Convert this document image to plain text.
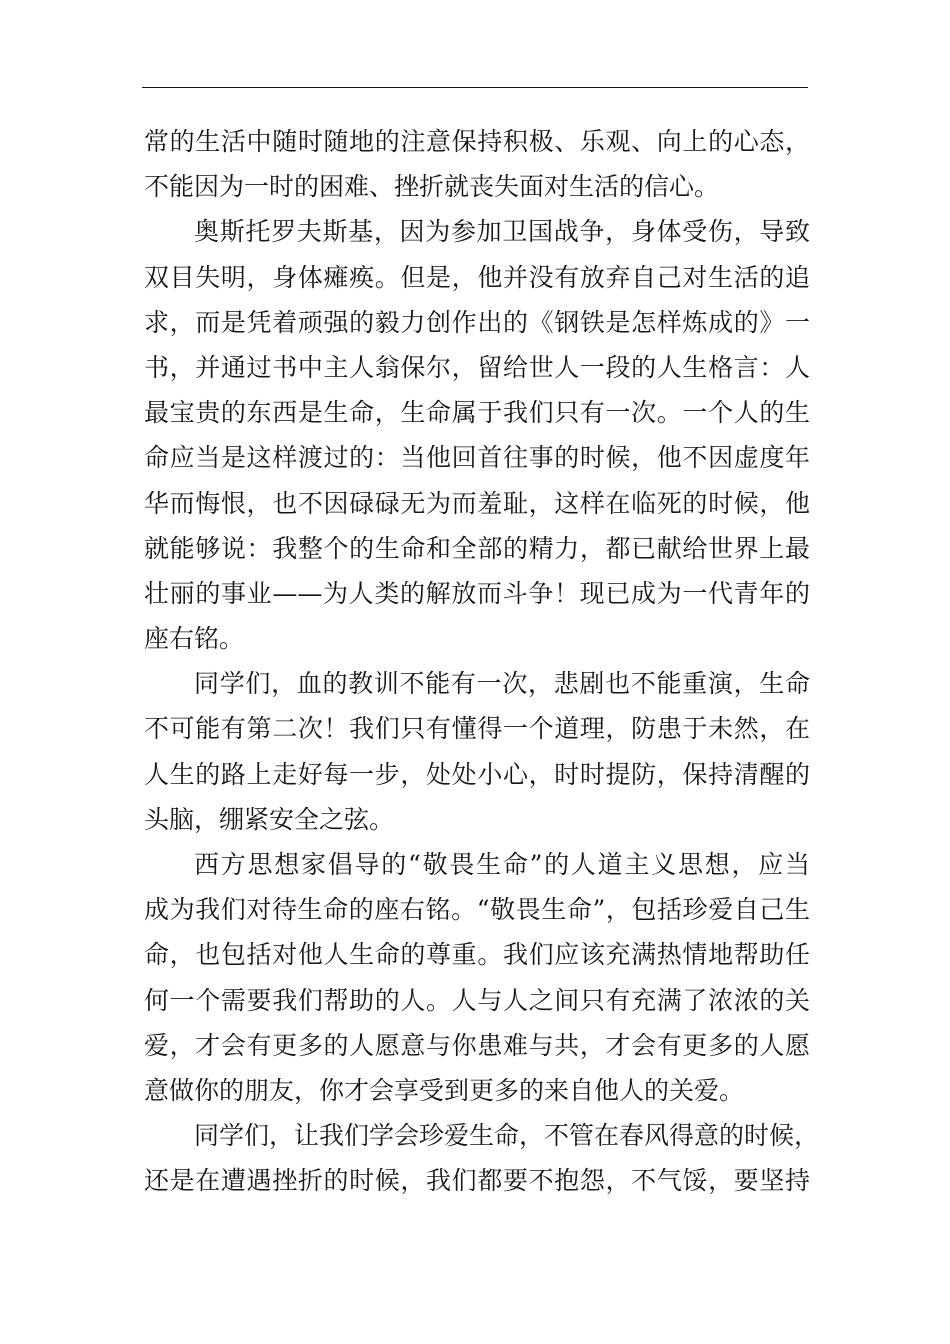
常的生活中随时随地的注意保持积极、乐观、向上的心态，
不能因为一时的困难、挫折就丧失面对生活的信心。
奥斯托罗夫斯基，因为参加卫国战争，身体受伤，导致
双目失明，身体瘫痪。但是，他并没有放弃自己对生活的追
求，而是凭着顽强的毅力创作出的《钢铁是怎样炼成的》一
书，并通过书中主人翁保尔，留给世人一段的人生格言：人
最宝贵的东西是生命，生命属于我们只有一次。一个人的生
命应当是这样渡过的：当他回首往事的时候，他不因虚度年
华而悔恨，也不因碌碌无为而羞耻，这样在临死的时候，他
就能够说：我整个的生命和全部的精力，都已献给世界上最
壮丽的事业——为人类的解放而斗争！现已成为一代青年的
座右铭。
同学们，血的教训不能有一次，悲剧也不能重演，生命
不可能有第二次！我们只有懂得一个道理，防患于未然，在
人生的路上走好每一步，处处小心，时时提防，保持清醒的
头脑，绷紧安全之弦。
西方思想家倡导的“敬畏生命”的人道主义思想，应当
成为我们对待生命的座右铭。“敬畏生命”，包括珍爱自己生
命，也包括对他人生命的尊重。我们应该充满热情地帮助任
何一个需要我们帮助的人。人与人之间只有充满了浓浓的关
爱，才会有更多的人愿意与你患难与共，才会有更多的人愿
意做你的朋友，你才会享受到更多的来自他人的关爱。
同学们，让我们学会珍爱生命，不管在春风得意的时候，
还是在遭遇挫折的时候，我们都要不抱怨，不气馁，要坚持
